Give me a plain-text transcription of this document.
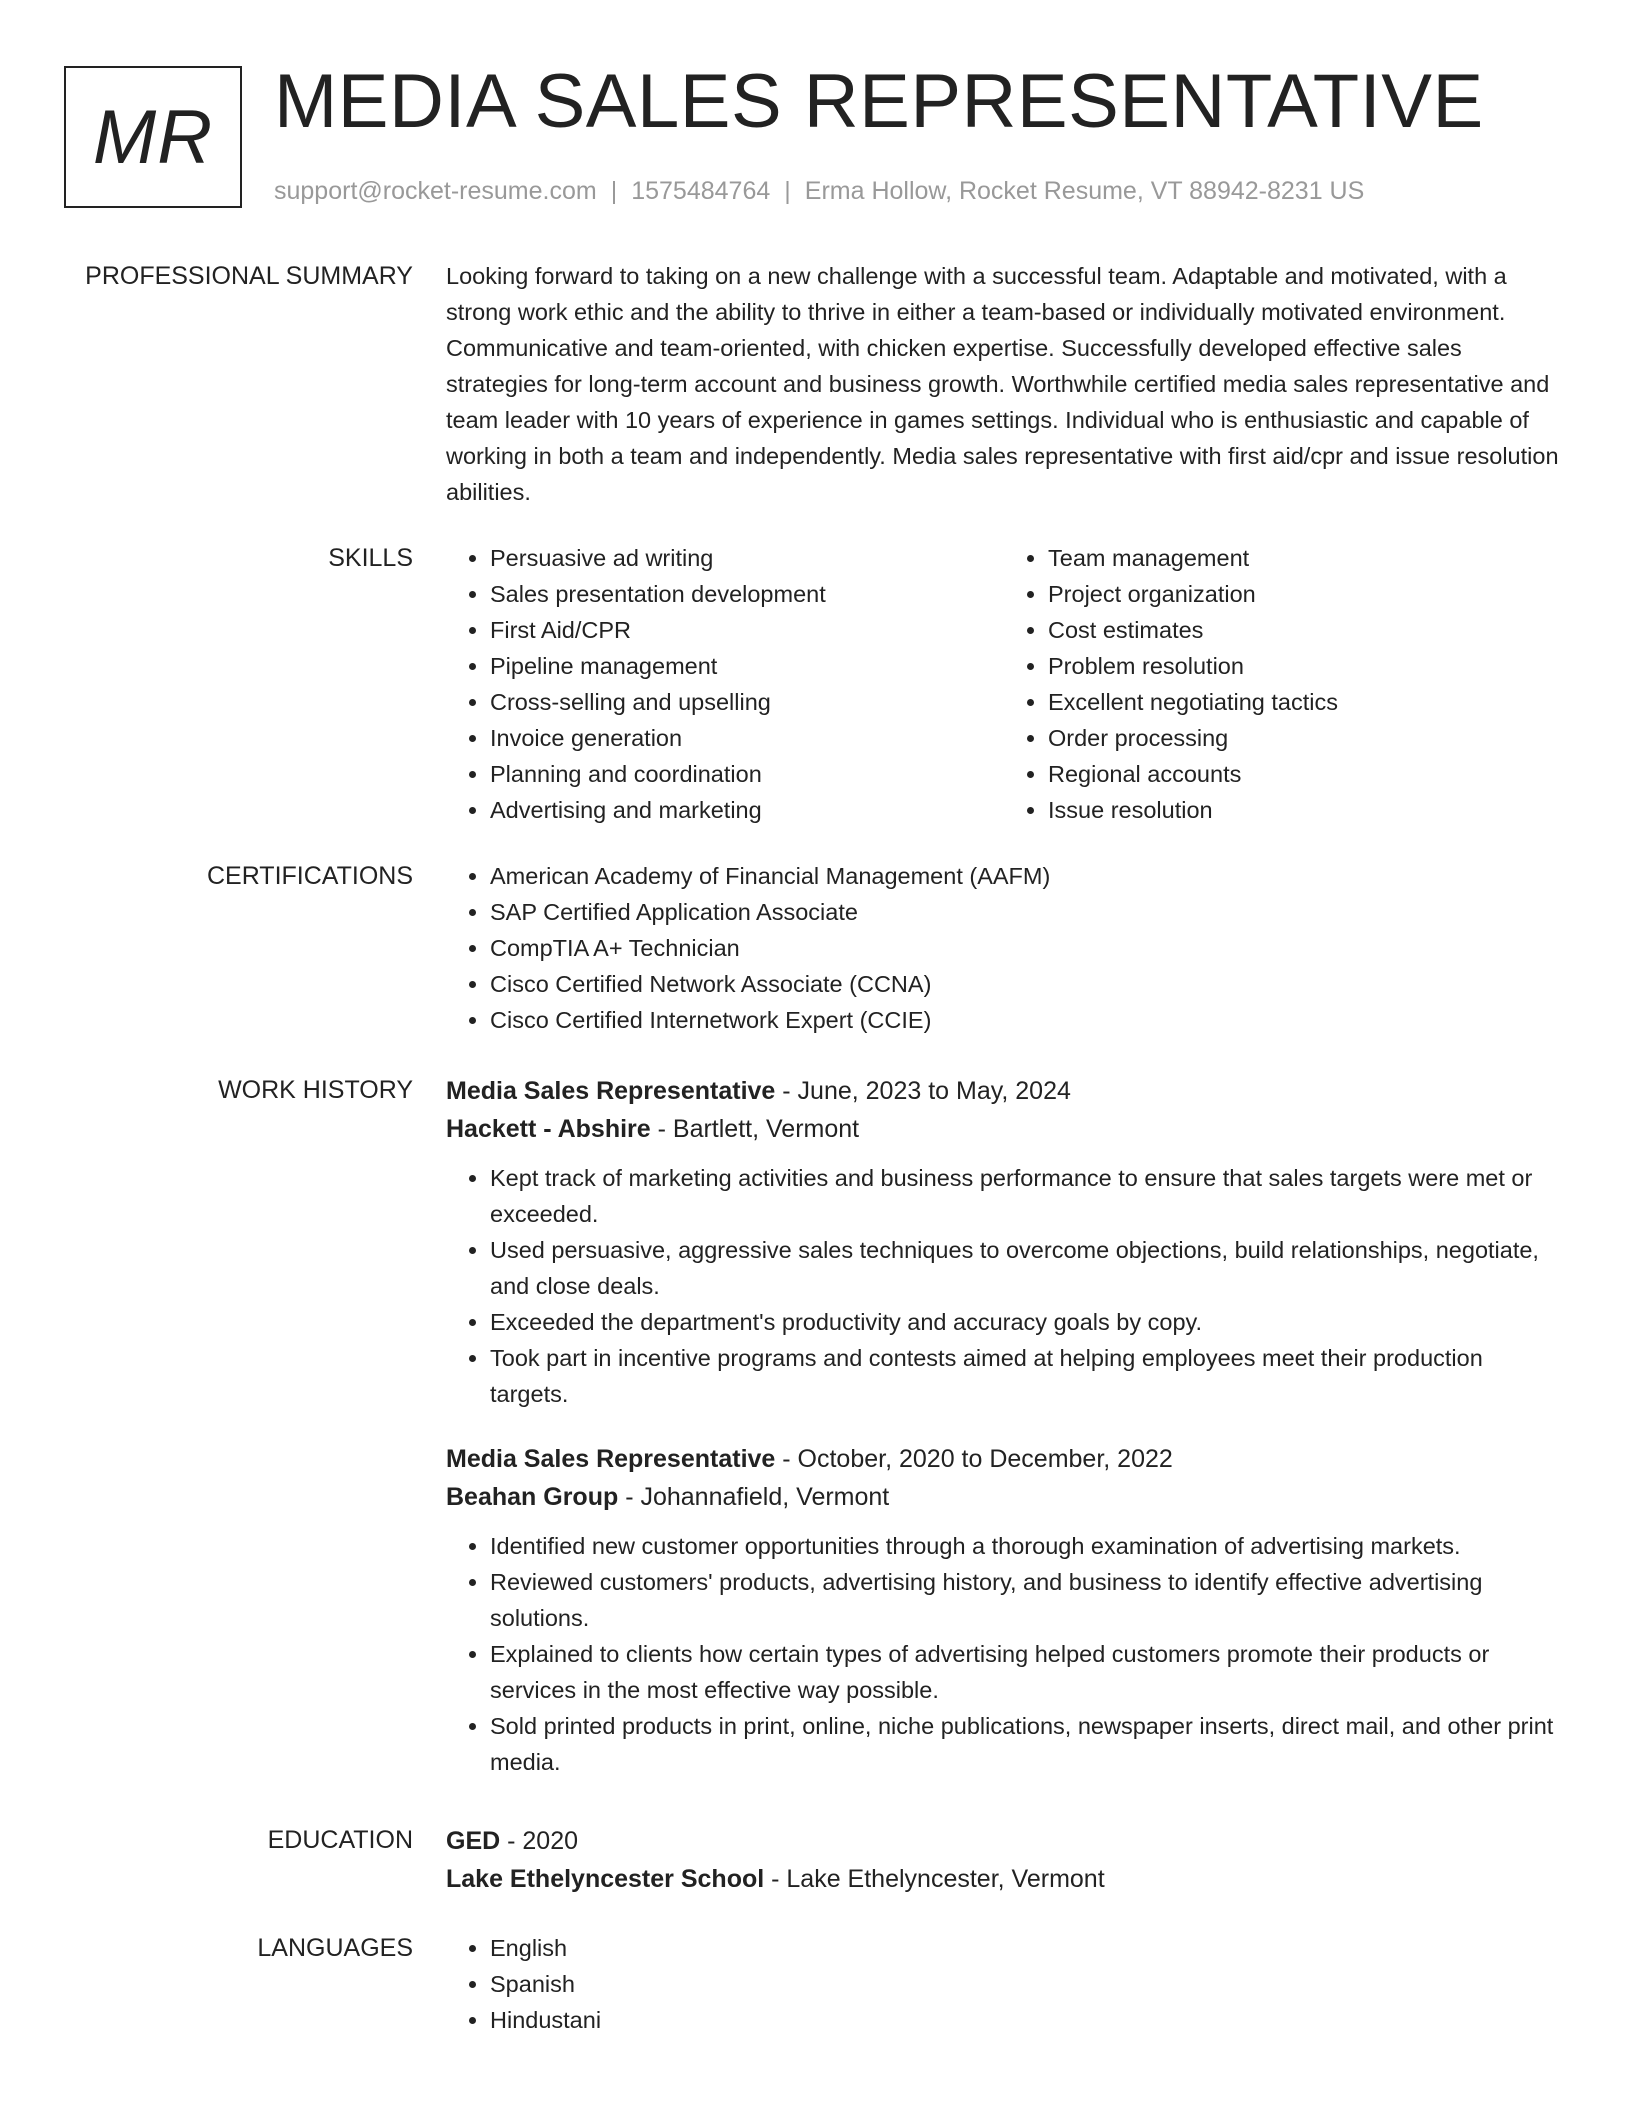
MR MEDIA SALES REPRESENTATIVE
support@rocket-resume.com | 1575484764 | Erma Hollow, Rocket Resume, VT 88942-8231 US
PROFESSIONAL SUMMARY Looking forward to taking on a new challenge with a successful team. Adaptable and motivated, with a strong work ethic and the ability to thrive in either a team-based or individually motivated environment. Communicative and team-oriented, with chicken expertise. Successfully developed effective sales strategies for long-term account and business growth. Worthwhile certified media sales representative and team leader with 10 years of experience in games settings. Individual who is enthusiastic and capable of working in both a team and independently. Media sales representative with first aid/cpr and issue resolution abilities.
SKILLS	• Persuasive ad writing
• Sales presentation development
• First Aid/CPR
• Pipeline management
• Cross-selling and upselling
• Invoice generation
• Planning and coordination
• Advertising and marketing
• Team management
• Project organization
• Cost estimates
• Problem resolution
• Excellent negotiating tactics
• Order processing
• Regional accounts
• Issue resolution
CERTIFICATIONS	• American Academy of Financial Management (AAFM)
• SAP Certified Application Associate
• CompTIA A+ Technician
• Cisco Certified Network Associate (CCNA)
• Cisco Certified Internetwork Expert (CCIE)
WORK HISTORY Media Sales Representative - June, 2023 to May, 2024
Hackett - Abshire - Bartlett, Vermont
• Kept track of marketing activities and business performance to ensure that sales targets were met or exceeded.
• Used persuasive, aggressive sales techniques to overcome objections, build relationships, negotiate, and close deals.
• Exceeded the department's productivity and accuracy goals by copy.
• Took part in incentive programs and contests aimed at helping employees meet their production targets.
Media Sales Representative - October, 2020 to December, 2022
Beahan Group - Johannafield, Vermont
• Identified new customer opportunities through a thorough examination of advertising markets.
• Reviewed customers' products, advertising history, and business to identify effective advertising solutions.
• Explained to clients how certain types of advertising helped customers promote their products or services in the most effective way possible.
• Sold printed products in print, online, niche publications, newspaper inserts, direct mail, and other print media.
EDUCATION GED - 2020
Lake Ethelyncester School - Lake Ethelyncester, Vermont
LANGUAGES	• English
• Spanish
• Hindustani
